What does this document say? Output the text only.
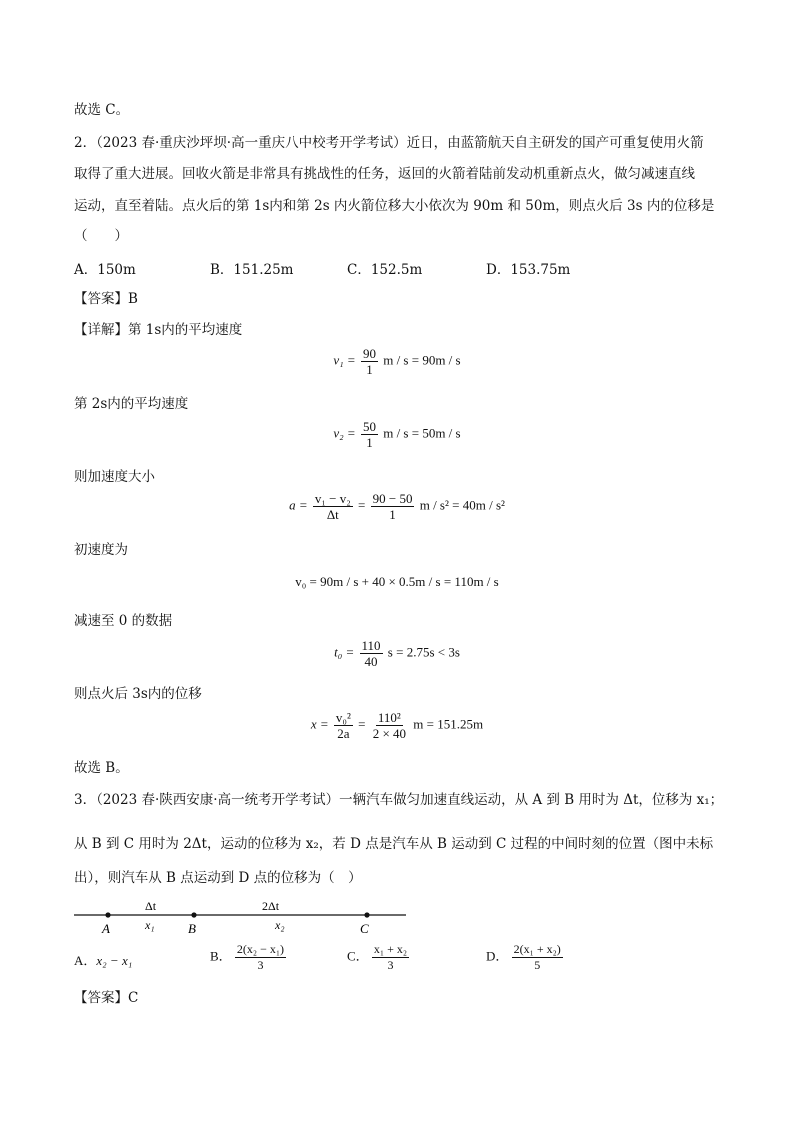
故选 C。
2．（2023 春·重庆沙坪坝·高一重庆八中校考开学考试）近日，由蓝箭航天自主研发的国产可重复使用火箭
取得了重大进展。回收火箭是非常具有挑战性的任务，返回的火箭着陆前发动机重新点火，做匀减速直线
运动，直至着陆。点火后的第 1s内和第 2s 内火箭位移大小依次为 90m 和 50m，则点火后 3s 内的位移是
（　　）
A．150m	B．151.25m	C．152.5m	D．153.75m
【答案】B
【详解】第 1s内的平均速度
$v_1 = \frac{90}{1}$ m / s = 90m / s
第 2s内的平均速度
$v_2 = \frac{50}{1}$ m / s = 50m / s
则加速度大小
$a = \frac{\text{v₁ − v₂}}{\Delta t} = \frac{90 - 50}{1}$ m / s² = 40m / s²
初速度为
v₀ = 90m / s + 40 × 0.5m / s = 110m / s
减速至 0 的数据
$t_0 = \frac{110}{40}$ s = 2.75s < 3s
则点火后 3s内的位移
$x = \frac{\text{v₀²}}{2a} = \frac{\text{110²}}{2 \times 40}$ m = 151.25m
故选 B。
3．（2023 春·陕西安康·高一统考开学考试）一辆汽车做匀加速直线运动，从 A 到 B 用时为 Δt，位移为 x₁；
从 B 到 C 用时为 2Δt，运动的位移为 x₂，若 D 点是汽车从 B 运动到 C 过程的中间时刻的位置（图中未标
出），则汽车从 B 点运动到 D 点的位移为（　）
A	B	C
Δt
x₁
2Δt
x₂
A．x₂ − x₁	B． $\frac{\text{2(x₂ − x₁)}}{3}$	C． $\frac{\text{x₁ + x₂}}{3}$	D． $\frac{\text{2(x₁ + x₂)}}{5}$
【答案】C
